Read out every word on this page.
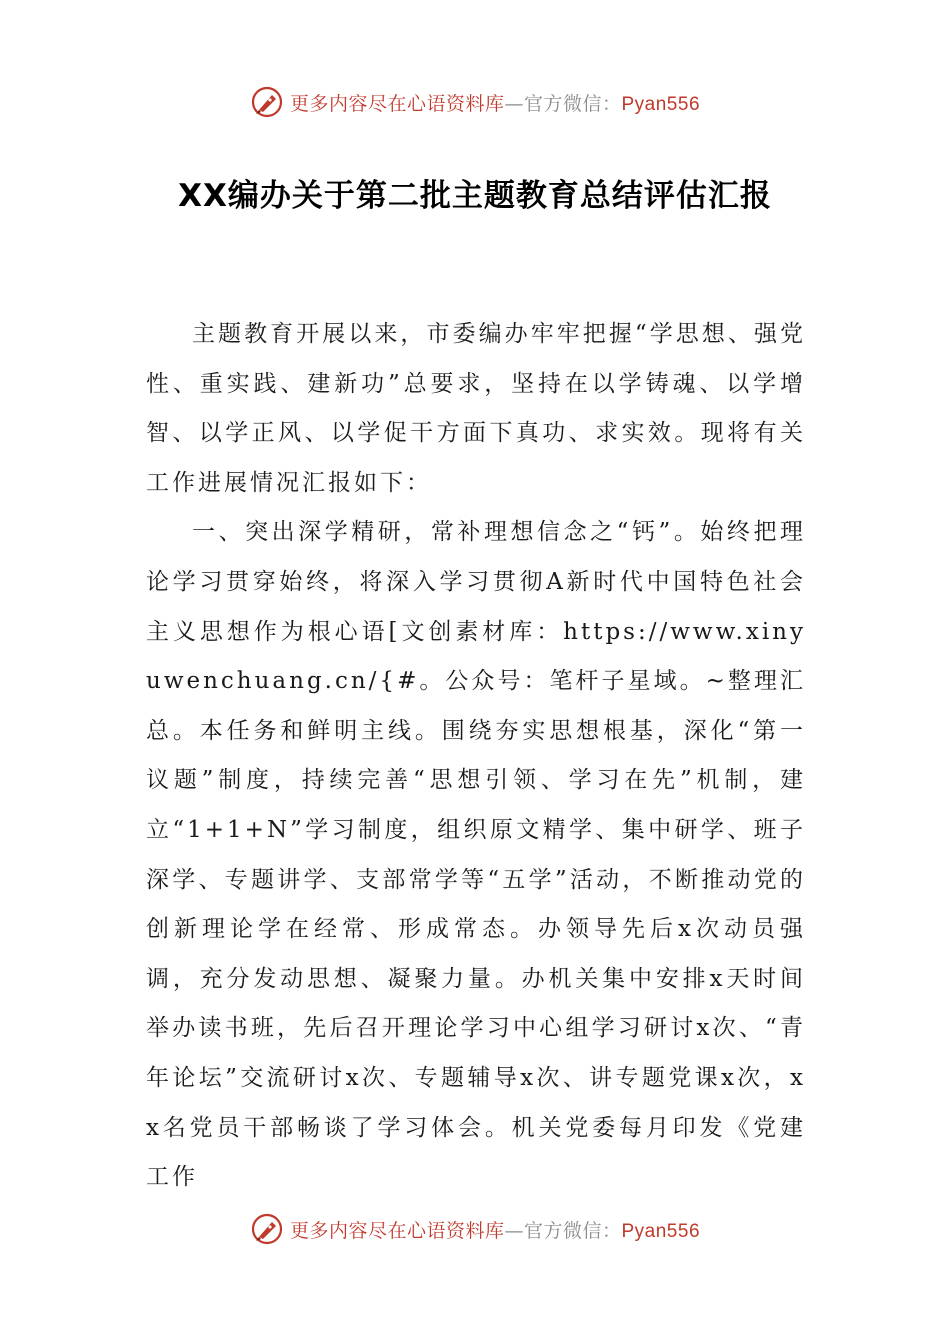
更多内容尽在心语资料库—官方微信：Pyan556
XX编办关于第二批主题教育总结评估汇报

主题教育开展以来，市委编办牢牢把握“学思想、强党性、重实践、建新功”总要求，坚持在以学铸魂、以学增智、以学正风、以学促干方面下真功、求实效。现将有关工作进展情况汇报如下：

一、突出深学精研，常补理想信念之“钙”。始终把理论学习贯穿始终，将深入学习贯彻A新时代中国特色社会主义思想作为根心语[文创素材库：https://www.xinyuwenchuang.cn/{#。公众号：笔杆子星域。~整理汇总。本任务和鲜明主线。围绕夯实思想根基，深化“第一议题”制度，持续完善“思想引领、学习在先”机制，建立“1+1+N”学习制度，组织原文精学、集中研学、班子深学、专题讲学、支部常学等“五学”活动，不断推动党的创新理论学在经常、形成常态。办领导先后x次动员强调，充分发动思想、凝聚力量。办机关集中安排x天时间举办读书班，先后召开理论学习中心组学习研讨x次、“青年论坛”交流研讨x次、专题辅导x次、讲专题党课x次，xx名党员干部畅谈了学习体会。机关党委每月印发《党建工作

更多内容尽在心语资料库—官方微信：Pyan556
